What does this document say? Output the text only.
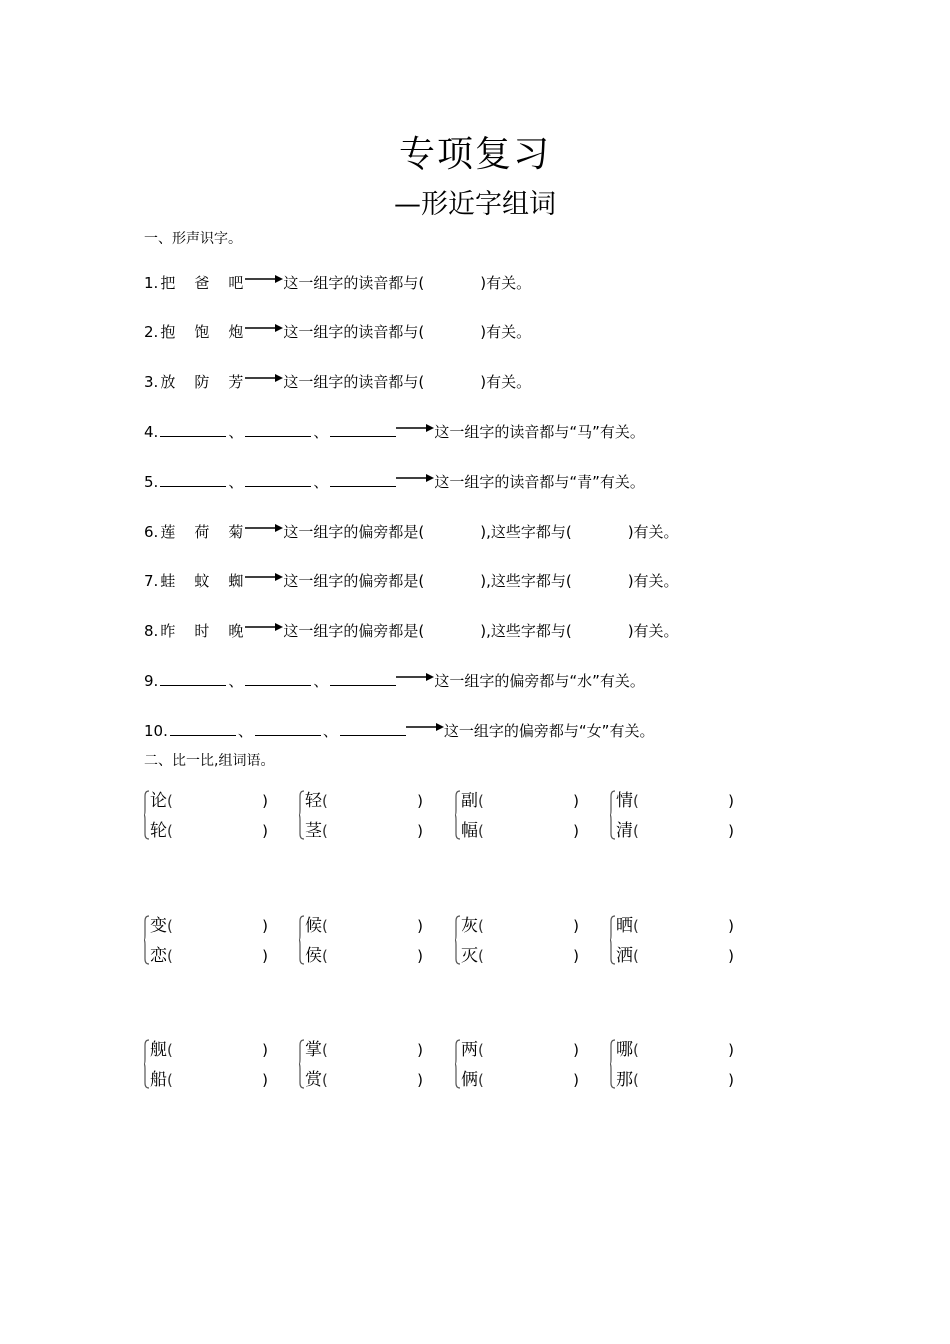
专项复习
—形近字组词
一、形声识字。
1. 把 爸 吧	这一组字的读音都与(	)有关。
2. 抱 饱 炮	这一组字的读音都与(	)有关。
3. 放 防 芳	这一组字的读音都与(	)有关。
4.	、	、	这一组字的读音都与“马”有关。
5.	、	、	这一组字的读音都与“青”有关。
6. 莲 荷 菊	这一组字的偏旁都是(	),这些字都与(	)有关。
7. 蛙 蚊 蜘	这一组字的偏旁都是(	),这些字都与(	)有关。
8. 昨 时 晚	这一组字的偏旁都是(	),这些字都与(	)有关。
9.	、	、	这一组字的偏旁都与“水”有关。
10.	、	、	这一组字的偏旁都与“女”有关。
二、比一比,组词语。
论(	)
轮(	)
轻(	)
茎(	)
副(	)
幅(	)
情(	)
清(	)
变(	)
恋(	)
候(	)
侯(	)
灰(	)
灭(	)
晒(	)
洒(	)
舰(	)
船(	)
掌(	)
赏(	)
两(	)
俩(	)
哪(	)
那(	)
